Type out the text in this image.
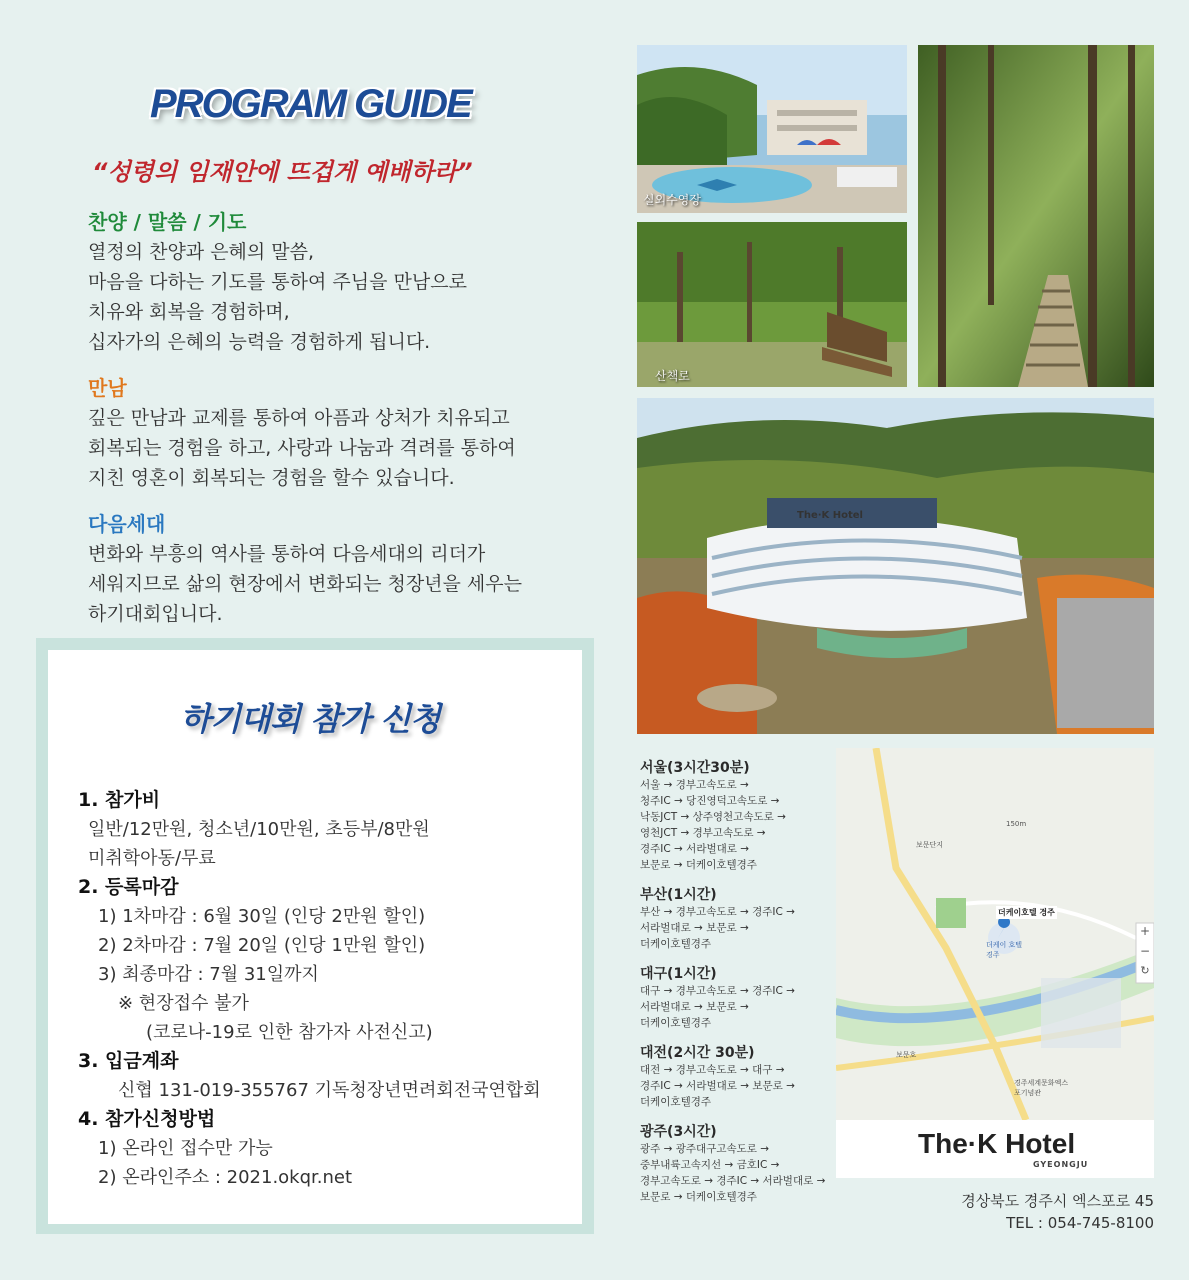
PROGRAM GUIDE
“성령의 임재안에 뜨겁게 예배하라”
찬양 / 말씀 / 기도

열정의 찬양과 은혜의 말씀,

마음을 다하는 기도를 통하여 주님을 만남으로

치유와 회복을 경험하며,

십자가의 은혜의 능력을 경험하게 됩니다.

만남

깊은 만남과 교제를 통하여 아픔과 상처가 치유되고

회복되는 경험을 하고, 사랑과 나눔과 격려를 통하여

지친 영혼이 회복되는 경험을 할수 있습니다.

다음세대

변화와 부흥의 역사를 통하여 다음세대의 리더가

세워지므로 삶의 현장에서 변화되는 청장년을 세우는

하기대회입니다.

하기대회 참가 신청
1. 참가비
일반/12만원, 청소년/10만원, 초등부/8만원
미취학아동/무료
2. 등록마감
1) 1차마감 : 6월 30일 (인당 2만원 할인)
2) 2차마감 : 7월 20일 (인당 1만원 할인)
3) 최종마감 : 7월 31일까지
※ 현장접수 불가
(코로나-19로 인한 참가자 사전신고)
3. 입금계좌
신협 131-019-355767 기독청장년면려회전국연합회
4. 참가신청방법
1) 온라인 접수만 가능
2) 온라인주소 : 2021.okqr.net
실외수영장
산책로
The·K Hotel
서울(3시간30분)
서울 → 경부고속도로 →
청주IC → 당진영덕고속도로 →
낙동JCT → 상주영천고속도로 →
영천JCT → 경부고속도로 →
경주IC → 서라벌대로 →
보문로 → 더케이호텔경주
부산(1시간)
부산 → 경부고속도로 → 경주IC →
서라벌대로 → 보문로 →
더케이호텔경주
대구(1시간)
대구 → 경부고속도로 → 경주IC →
서라벌대로 → 보문로 →
더케이호텔경주
대전(2시간 30분)
대전 → 경부고속도로 → 대구 →
경주IC → 서라벌대로 → 보문로 →
더케이호텔경주
광주(3시간)
광주 → 광주대구고속도로 →
중부내륙고속지선 → 금호IC →
경부고속도로 → 경주IC → 서라벌대로 →
보문로 → 더케이호텔경주
더케이호텔 경주
더케이 호텔경주
보문단지
경주세계문화엑스포기념관
보문호
150m
+
−
↻
The·K Hotel
GYEONGJU
경상북도 경주시 엑스포로 45
TEL : 054-745-8100
